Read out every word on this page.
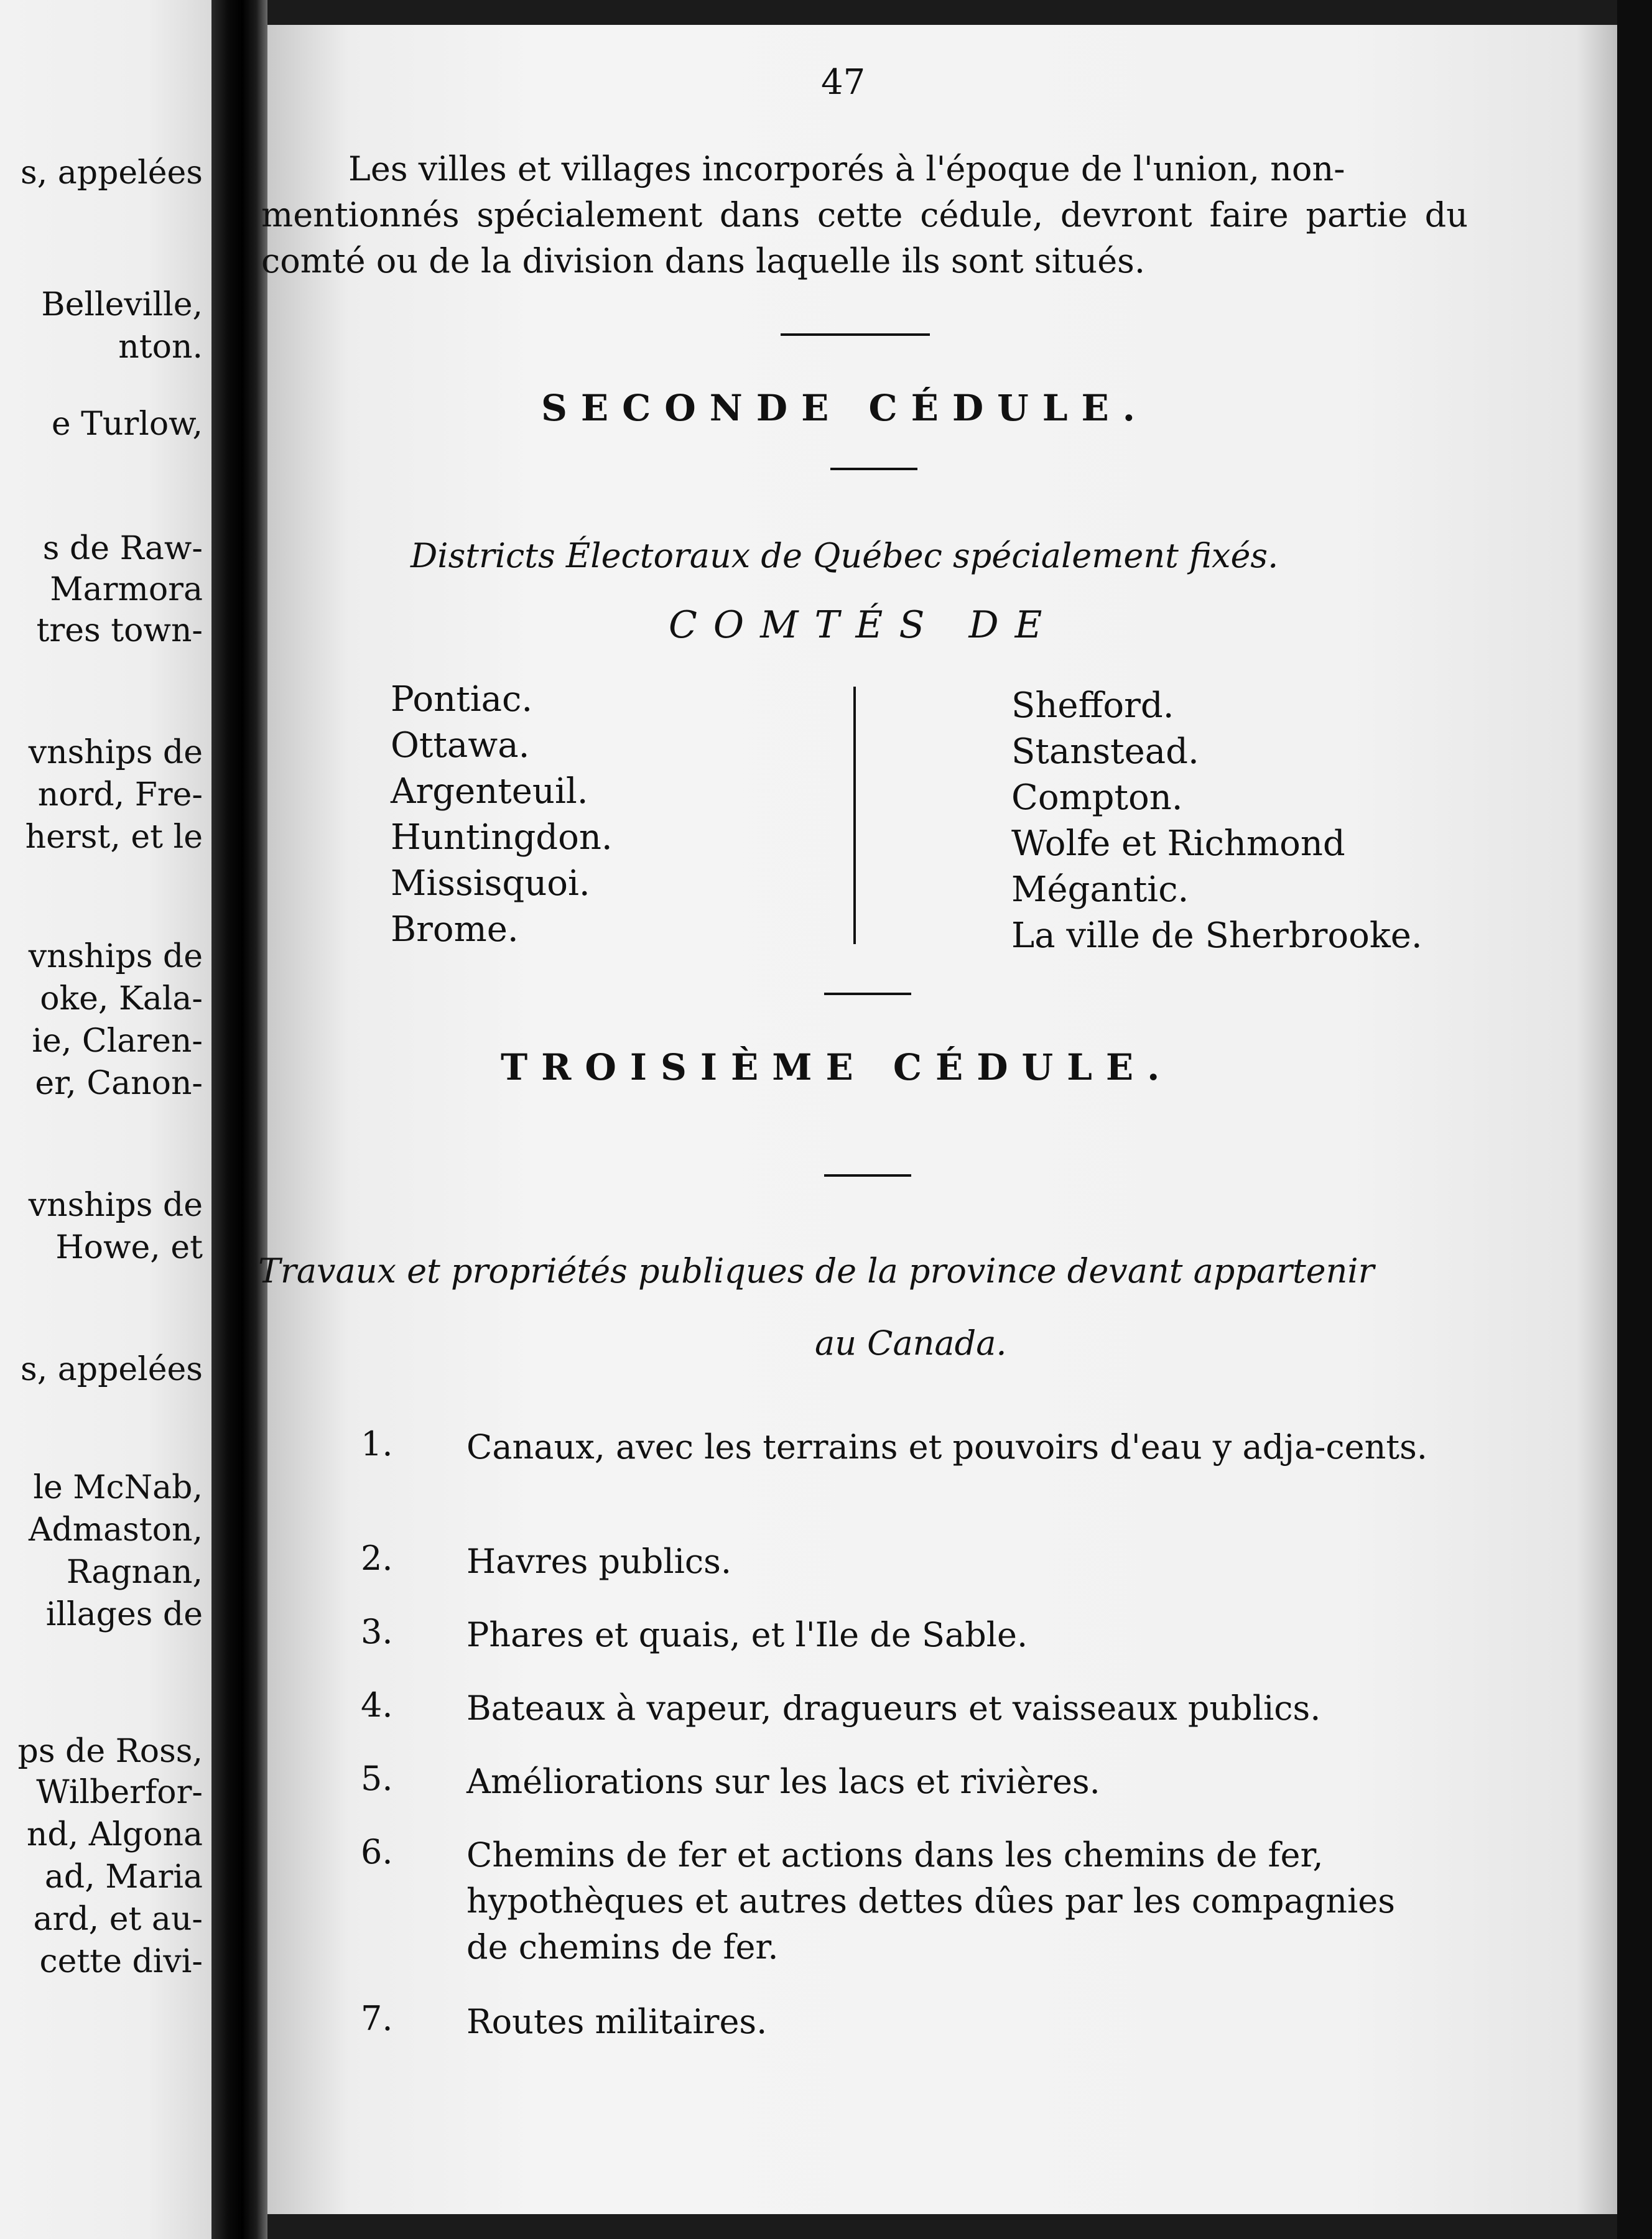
s, appelées
Belleville,
nton.
e Turlow,
s de Raw-
Marmora
tres town-
vnships de
nord, Fre-
herst, et le
vnships de
oke, Kala-
ie, Claren-
er, Canon-
vnships de
Howe, et
s, appelées
le McNab,
Admaston,
Ragnan,
illages de
ps de Ross,
Wilberfor-
nd, Algona
ad, Maria
ard, et au-
cette divi-
47
Les villes et villages incorporés à l'époque de l'union, non-
mentionnés spécialement dans cette cédule, devront faire partie du comté ou de la division dans laquelle ils sont situés.
SECONDE CÉDULE.
Districts Électoraux de Québec spécialement fixés.
COMTÉS DE
Pontiac.
Ottawa.
Argenteuil.
Huntingdon.
Missisquoi.
Brome.
Shefford.
Stanstead.
Compton.
Wolfe et Richmond
Mégantic.
La ville de Sherbrooke.
TROISIÈME CÉDULE.
Travaux et propriétés publiques de la province devant appartenir
au Canada.
1. Canaux, avec les terrains et pouvoirs d'eau y adja-cents.
2. Havres publics.
3. Phares et quais, et l'Ile de Sable.
4. Bateaux à vapeur, dragueurs et vaisseaux publics.
5. Améliorations sur les lacs et rivières.
6. Chemins de fer et actions dans les chemins de fer, hypothèques et autres dettes dûes par les compagnies de chemins de fer.
7. Routes militaires.
